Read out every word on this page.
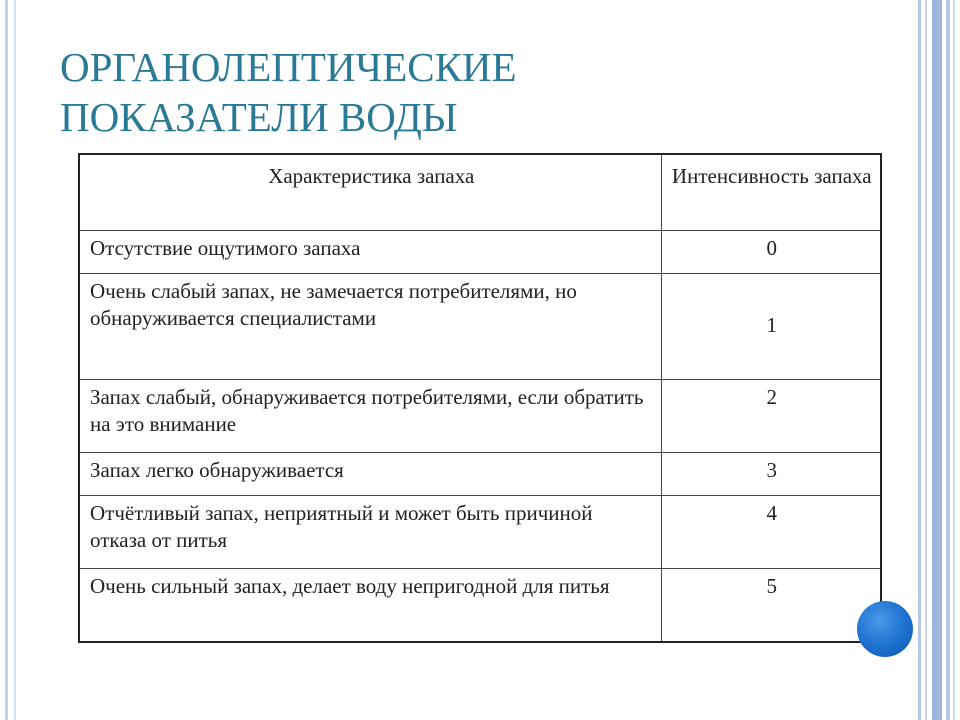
ОРГАНОЛЕПТИЧЕСКИЕ
ПОКАЗАТЕЛИ ВОДЫ
Характеристика запаха	Интенсивность запаха
Отсутствие ощутимого запаха	0
Очень слабый запах, не замечается потребителями, но обнаруживается специалистами	1
Запах слабый, обнаруживается потребителями, если обратить на это внимание	2
Запах легко обнаруживается	3
Отчётливый запах, неприятный и может быть причиной отказа от питья	4
Очень сильный запах, делает воду непригодной для питья	5
